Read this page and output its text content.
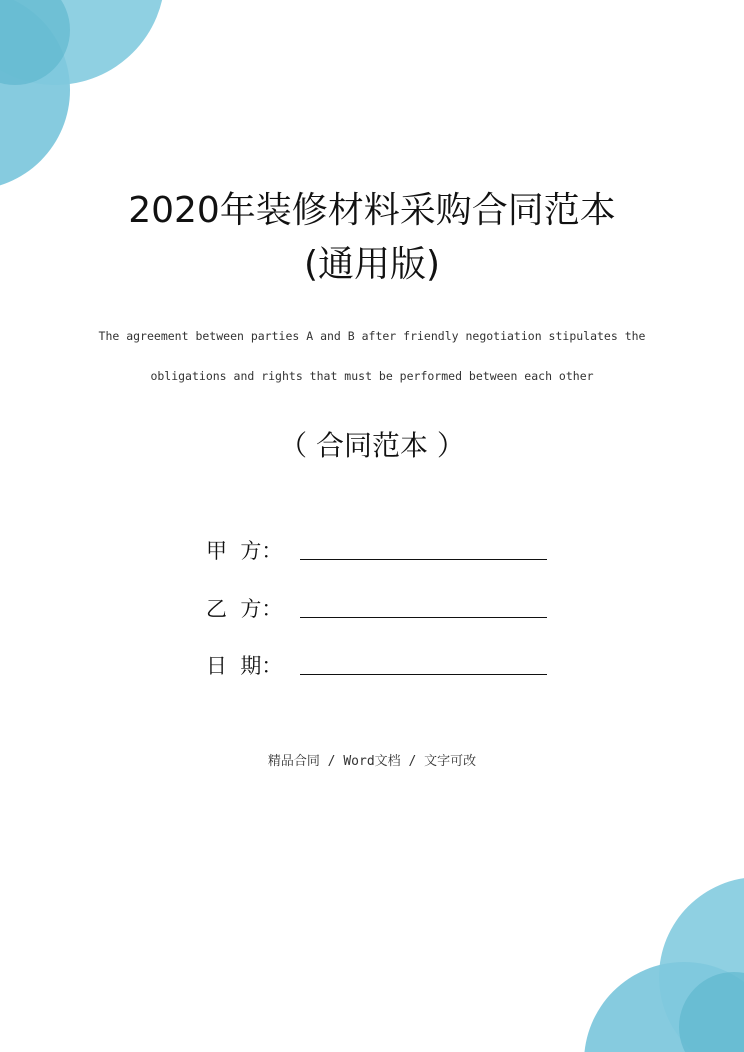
2020年装修材料采购合同范本
(通用版)
The agreement between parties A and B after friendly negotiation stipulates the
obligations and rights that must be performed between each other
（ 合同范本 ）
甲  方：
乙  方：
日  期：
精品合同 / Word文档 / 文字可改
